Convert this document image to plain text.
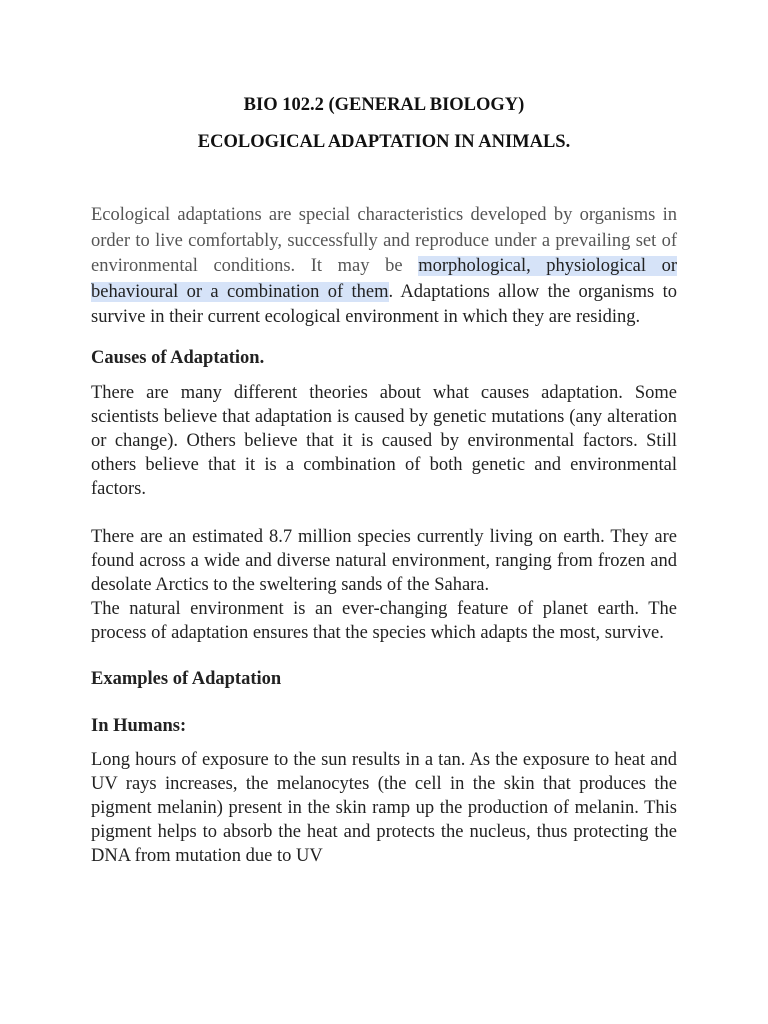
BIO 102.2 (GENERAL BIOLOGY)

ECOLOGICAL ADAPTATION IN ANIMALS.

Ecological adaptations are special characteristics developed by organisms in order to live comfortably, successfully and reproduce under a prevailing set of environmental conditions. It may be morphological, physiological or behavioural or a combination of them. Adaptations allow the organisms to survive in their current ecological environment in which they are residing.

Causes of Adaptation.

There are many different theories about what causes adaptation. Some scientists believe that adaptation is caused by genetic mutations (any alteration or change). Others believe that it is caused by environmental factors. Still others believe that it is a combination of both genetic and environmental factors.

There are an estimated 8.7 million species currently living on earth. They are found across a wide and diverse natural environment, ranging from frozen and desolate Arctics to the sweltering sands of the Sahara.
The natural environment is an ever-changing feature of planet earth. The process of adaptation ensures that the species which adapts the most, survive.

Examples of Adaptation

In Humans:

Long hours of exposure to the sun results in a tan. As the exposure to heat and UV rays increases, the melanocytes (the cell in the skin that produces the pigment melanin) present in the skin ramp up the production of melanin. This pigment helps to absorb the heat and protects the nucleus, thus protecting the DNA from mutation due to UV
